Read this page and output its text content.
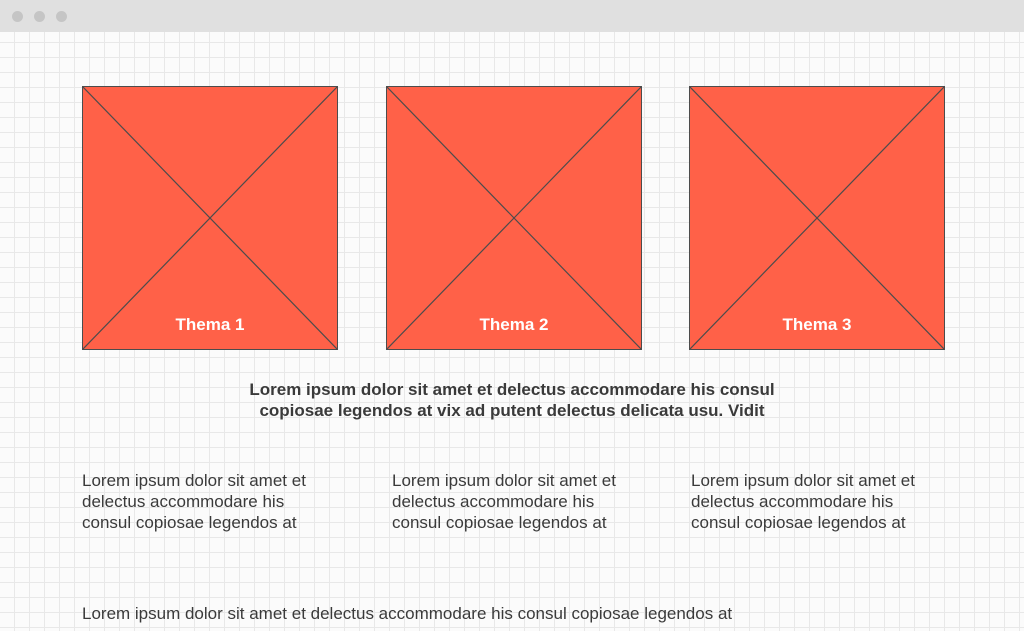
Thema 1	Thema 2	Thema 3
Lorem ipsum dolor sit amet et delectus accommodare his consul
copiosae legendos at vix ad putent delectus delicata usu. Vidit
Lorem ipsum dolor sit amet et
delectus accommodare his
consul copiosae legendos at
Lorem ipsum dolor sit amet et
delectus accommodare his
consul copiosae legendos at
Lorem ipsum dolor sit amet et
delectus accommodare his
consul copiosae legendos at
Lorem ipsum dolor sit amet et delectus accommodare his consul copiosae legendos at
